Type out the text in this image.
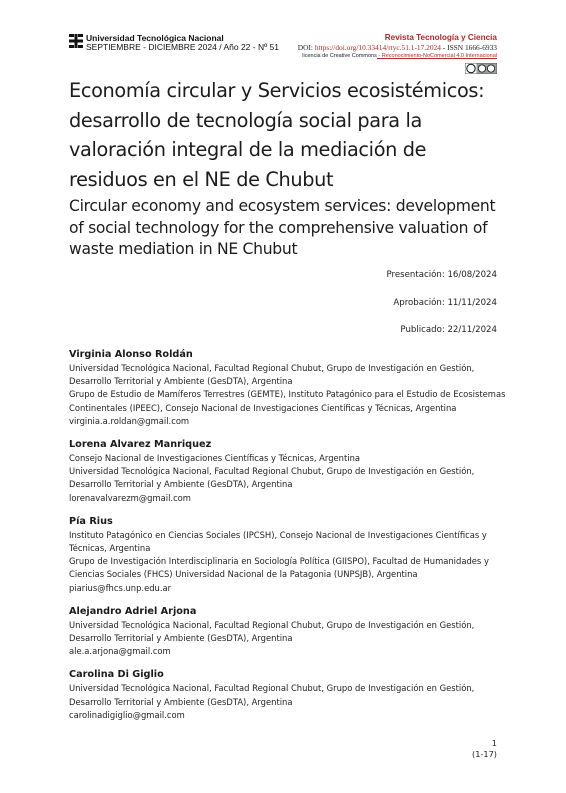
Universidad Tecnológica Nacional
SEPTIEMBRE - DICIEMBRE 2024 / Año 22 - Nº 51
Revista Tecnología y Ciencia
DOI: https://doi.org/10.33414/rtyc.51.1-17.2024 - ISSN 1666-6933
licencia de Creative Commons - Reconocimiento-NoComercial 4.0 Internacional
Economía circular y Servicios ecosistémicos: desarrollo de tecnología social para la valoración integral de la mediación de residuos en el NE de Chubut
Circular economy and ecosystem services: development of social technology for the comprehensive valuation of waste mediation in NE Chubut
Presentación: 16/08/2024
Aprobación: 11/11/2024
Publicado: 22/11/2024
Virginia Alonso Roldán
Universidad Tecnológica Nacional, Facultad Regional Chubut, Grupo de Investigación en Gestión,
Desarrollo Territorial y Ambiente (GesDTA), Argentina
Grupo de Estudio de Mamíferos Terrestres (GEMTE), Instituto Patagónico para el Estudio de Ecosistemas
Continentales (IPEEC), Consejo Nacional de Investigaciones Científicas y Técnicas, Argentina
virginia.a.roldan@gmail.com
Lorena Alvarez Manriquez
Consejo Nacional de Investigaciones Científicas y Técnicas, Argentina
Universidad Tecnológica Nacional, Facultad Regional Chubut, Grupo de Investigación en Gestión,
Desarrollo Territorial y Ambiente (GesDTA), Argentina
lorenavalvarezm@gmail.com
Pía Rius
Instituto Patagónico en Ciencias Sociales (IPCSH), Consejo Nacional de Investigaciones Científicas y
Técnicas, Argentina
Grupo de Investigación Interdisciplinaria en Sociología Política (GIISPO), Facultad de Humanidades y
Ciencias Sociales (FHCS) Universidad Nacional de la Patagonia (UNPSJB), Argentina
piarius@fhcs.unp.edu.ar
Alejandro Adriel Arjona
Universidad Tecnológica Nacional, Facultad Regional Chubut, Grupo de Investigación en Gestión,
Desarrollo Territorial y Ambiente (GesDTA), Argentina
ale.a.arjona@gmail.com
Carolina Di Giglio
Universidad Tecnológica Nacional, Facultad Regional Chubut, Grupo de Investigación en Gestión,
Desarrollo Territorial y Ambiente (GesDTA), Argentina
carolinadigiglio@gmail.com
1
(1-17)
